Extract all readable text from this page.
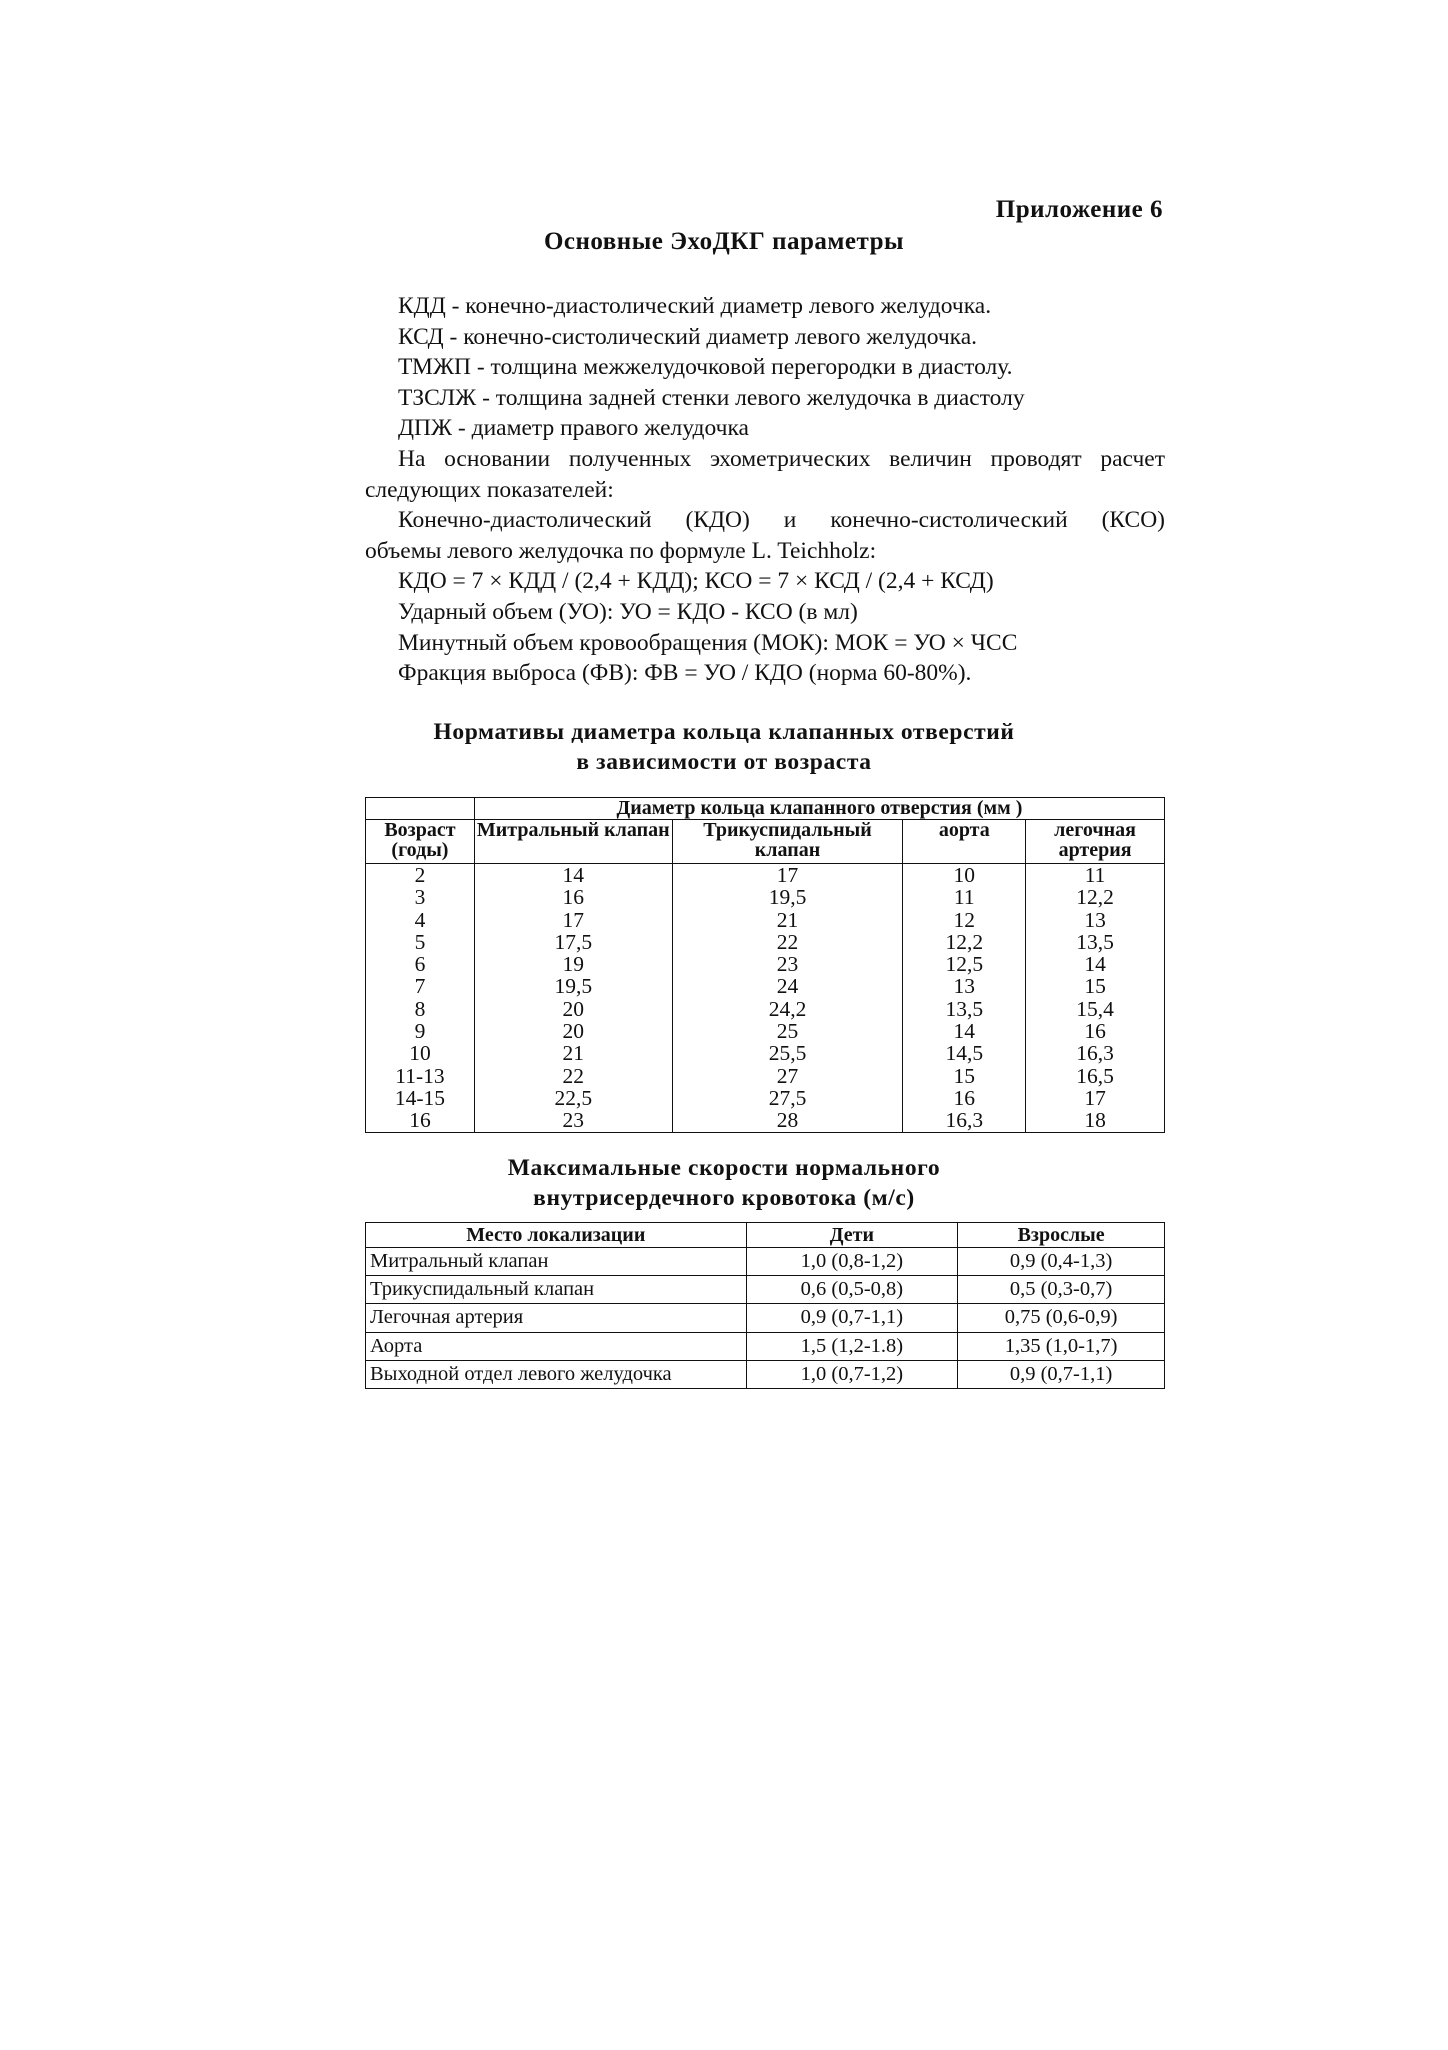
Приложение 6
Основные ЭхоДКГ параметры
КДД - конечно-диастолический диаметр левого желудочка.
КСД - конечно-систолический диаметр левого желудочка.
ТМЖП - толщина межжелудочковой перегородки в диастолу.
ТЗСЛЖ - толщина задней стенки левого желудочка в диастолу
ДПЖ - диаметр правого желудочка
На основании полученных эхометрических величин проводят расчет
следующих показателей:
Конечно-диастолический (КДО) и конечно-систолический (КСО)
объемы левого желудочка по формуле L. Teichholz:
КДО = 7 × КДД / (2,4 + КДД); КСО = 7 × КСД / (2,4 + КСД)
Ударный объем (УО): УО = КДО - КСО (в мл)
Минутный объем кровообращения (МОК): МОК = УО × ЧСС
Фракция выброса (ФВ): ФВ = УО / КДО (норма 60-80%).
Нормативы диаметра кольца клапанных отверстий
в зависимости от возраста
	Диаметр кольца клапанного отверстия (мм )			
Возраст (годы)	Митральный клапан	Трикуспидальный клапан	аорта	легочная артерия
2	14	17	10	11
3	16	19,5	11	12,2
4	17	21	12	13
5	17,5	22	12,2	13,5
6	19	23	12,5	14
7	19,5	24	13	15
8	20	24,2	13,5	15,4
9	20	25	14	16
10	21	25,5	14,5	16,3
11-13	22	27	15	16,5
14-15	22,5	27,5	16	17
16	23	28	16,3	18
Максимальные скорости нормального
внутрисердечного кровотока (м/с)
Место локализации	Дети	Взрослые
Митральный клапан	1,0 (0,8-1,2)	0,9 (0,4-1,3)
Трикуспидальный клапан	0,6 (0,5-0,8)	0,5 (0,3-0,7)
Легочная артерия	0,9 (0,7-1,1)	0,75 (0,6-0,9)
Аорта	1,5 (1,2-1.8)	1,35 (1,0-1,7)
Выходной отдел левого желудочка	1,0 (0,7-1,2)	0,9 (0,7-1,1)
